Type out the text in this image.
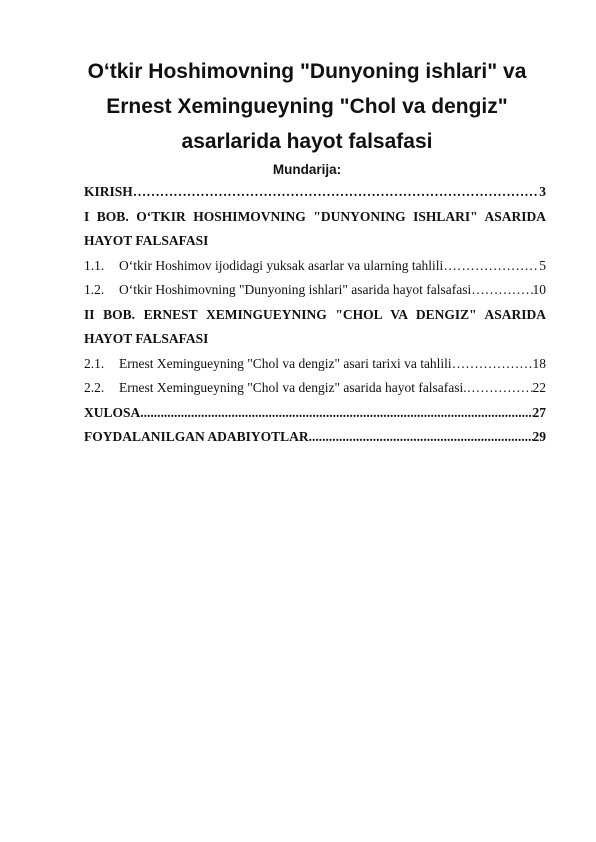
O‘tkir Hoshimovning "Dunyoning ishlari" va Ernest Xemingueyning "Chol va dengiz" asarlarida hayot falsafasi
Mundarija:
KIRISH ………………………………………………………………………………………………………………………………	3
I BOB. O‘TKIR HOSHIMOVNING "DUNYONING ISHLARI" ASARIDA
HAYOT FALSAFASI
1.1.	O‘tkir Hoshimov ijodidagi yuksak asarlar va ularning tahlili ………………………………………………………………………………………………………………………………	5
1.2.	O‘tkir Hoshimovning "Dunyoning ishlari" asarida hayot falsafasi ………………………………………………………………………………………………………………………………	10
II BOB. ERNEST XEMINGUEYNING "CHOL VA DENGIZ" ASARIDA
HAYOT FALSAFASI
2.1.	Ernest Xemingueyning "Chol va dengiz" asari tarixi va tahlili ………………………………………………………………………………………………………………………………	18
2.2.	Ernest Xemingueyning "Chol va dengiz" asarida hayot falsafasi. ………………………………………………………………………………………………………………………………	22
XULOSA .....	27
FOYDALANILGAN ADABIYOTLAR .....	29
